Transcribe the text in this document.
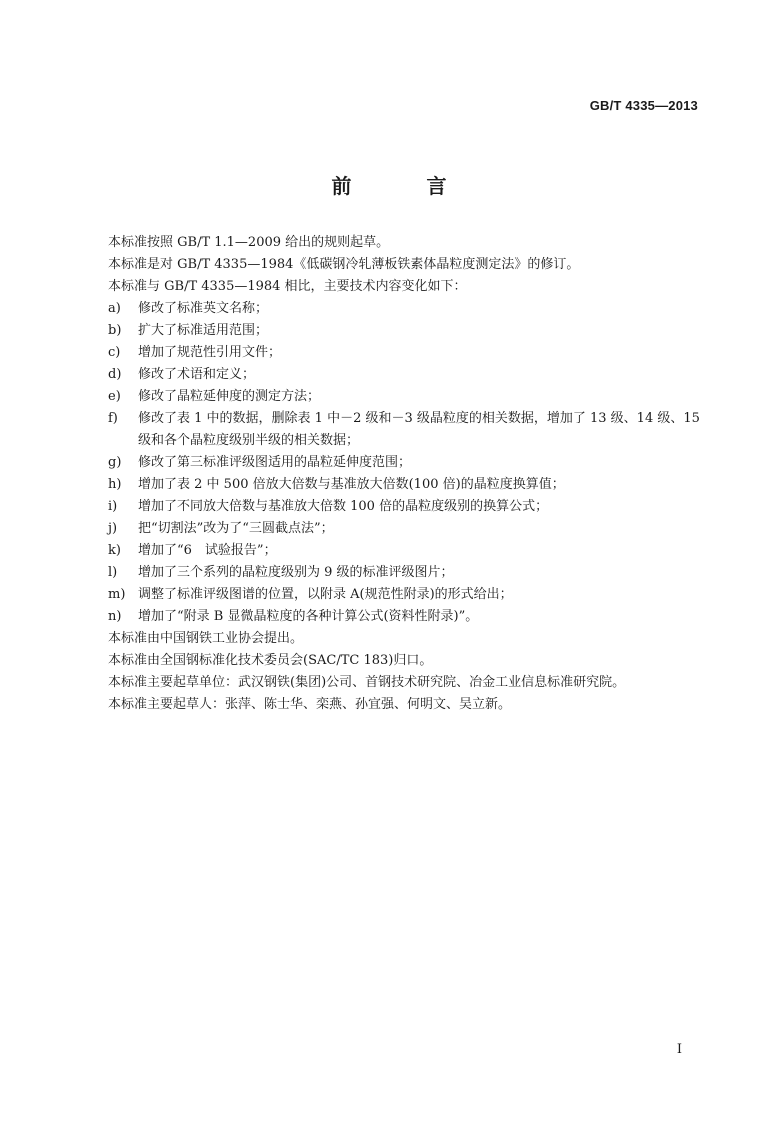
GB/T 4335—2013
前 言

本标准按照 GB/T 1.1—2009 给出的规则起草。

本标准是对 GB/T 4335—1984《低碳钢冷轧薄板铁素体晶粒度测定法》的修订。

本标准与 GB/T 4335—1984 相比，主要技术内容变化如下：

a)	修改了标准英文名称；
b)	扩大了标准适用范围；
c)	增加了规范性引用文件；
d)	修改了术语和定义；
e)	修改了晶粒延伸度的测定方法；
f)	修改了表 1 中的数据，删除表 1 中－2 级和－3 级晶粒度的相关数据，增加了 13 级、14 级、15 级和各个晶粒度级别半级的相关数据；
g)	修改了第三标准评级图适用的晶粒延伸度范围；
h)	增加了表 2 中 500 倍放大倍数与基准放大倍数(100 倍)的晶粒度换算值；
i)	增加了不同放大倍数与基准放大倍数 100 倍的晶粒度级别的换算公式；
j)	把“切割法”改为了“三圆截点法”；
k)	增加了“6　试验报告”；
l)	增加了三个系列的晶粒度级别为 9 级的标准评级图片；
m) 调整了标准评级图谱的位置，以附录 A(规范性附录)的形式给出；
n)	增加了“附录 B 显微晶粒度的各种计算公式(资料性附录)”。

本标准由中国钢铁工业协会提出。

本标准由全国钢标准化技术委员会(SAC/TC 183)归口。

本标准主要起草单位：武汉钢铁(集团)公司、首钢技术研究院、冶金工业信息标准研究院。

本标准主要起草人：张萍、陈士华、栾燕、孙宜强、何明文、吴立新。

I
